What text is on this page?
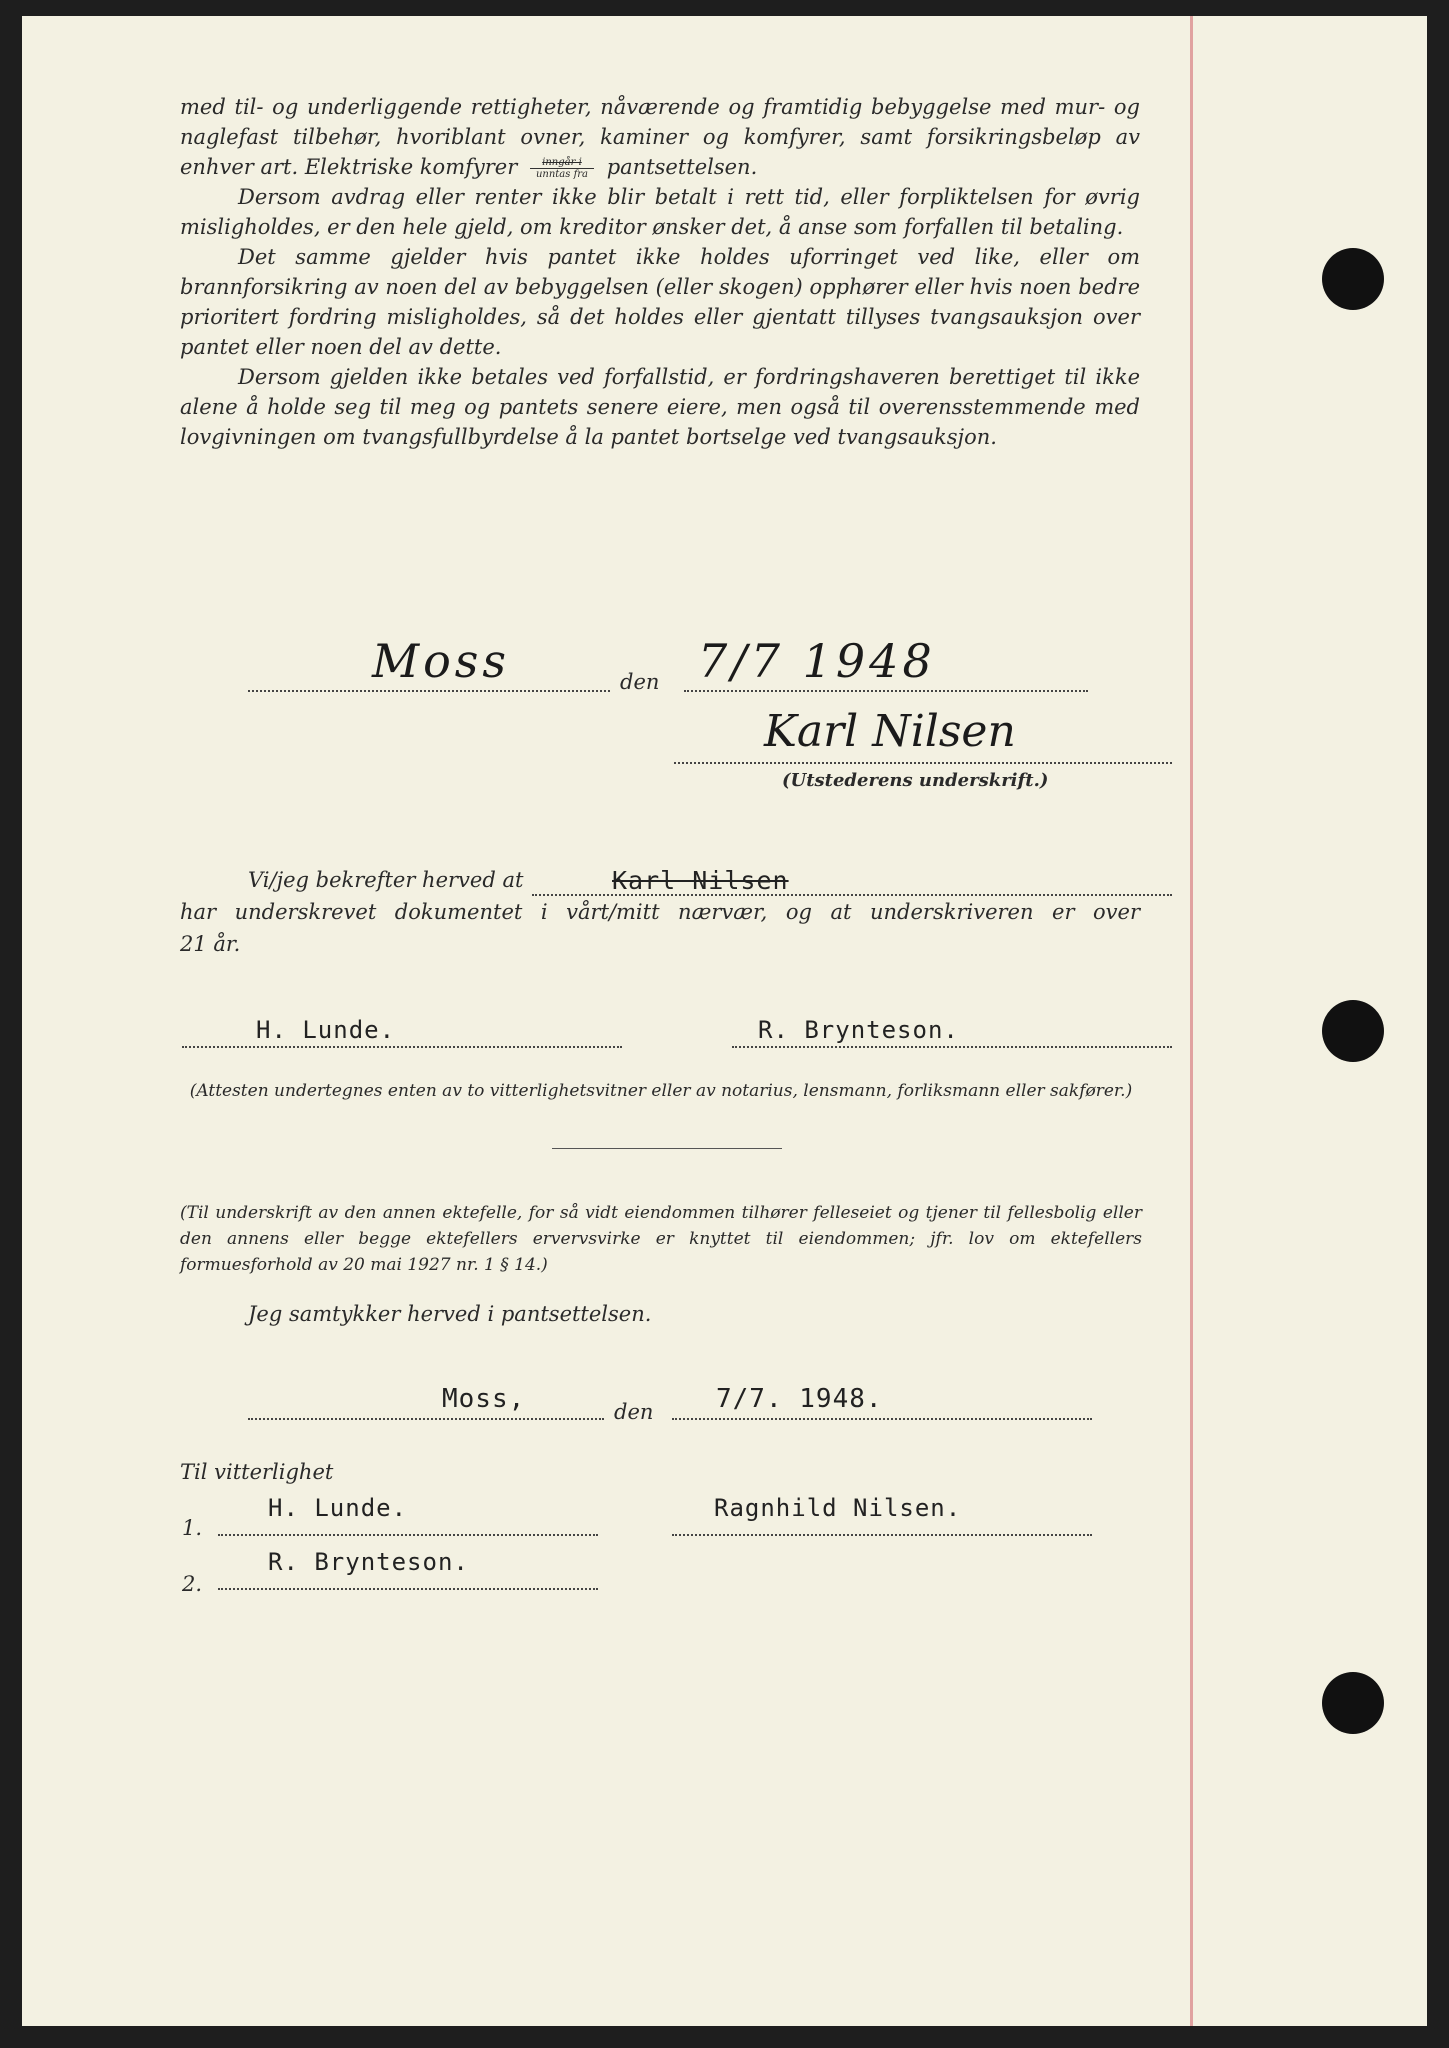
med til- og underliggende rettigheter, nåværende og framtidig bebyggelse med mur- og naglefast tilbehør, hvoriblant ovner, kaminer og komfyrer, samt forsikringsbeløp av enhver art. Elektriske komfyrer $\frac{\text{inngår i}}{\text{unntas fra}}$ pantsettelsen.

Dersom avdrag eller renter ikke blir betalt i rett tid, eller forpliktelsen for øvrig misligholdes, er den hele gjeld, om kreditor ønsker det, å anse som forfallen til betaling.

Det samme gjelder hvis pantet ikke holdes uforringet ved like, eller om brannforsikring av noen del av bebyggelsen (eller skogen) opphører eller hvis noen bedre prioritert fordring misligholdes, så det holdes eller gjentatt tillyses tvangsauksjon over pantet eller noen del av dette.

Dersom gjelden ikke betales ved forfallstid, er fordringshaveren berettiget til ikke alene å holde seg til meg og pantets senere eiere, men også til overensstemmende med lovgivningen om tvangsfullbyrdelse å la pantet bortselge ved tvangsauksjon.

Moss	den 7/7 1948
Karl Nilsen
(Utstederens underskrift.)
Vi/jeg bekrefter herved at	Karl Nilsen
har underskrevet dokumentet i vårt/mitt nærvær, og at underskriveren er over
21 år.
H. Lunde.	R. Brynteson.
(Attesten undertegnes enten av to vitterlighetsvitner eller av notarius, lensmann, forliksmann eller sakfører.)
(Til underskrift av den annen ektefelle, for så vidt eiendommen tilhører felleseiet og tjener til fellesbolig eller den annens eller begge ektefellers ervervsvirke er knyttet til eiendommen; jfr. lov om ektefellers formuesforhold av 20 mai 1927 nr. 1 § 14.)
Jeg samtykker herved i pantsettelsen.
Moss,	den 7/7. 1948.
Til vitterlighet
1.
H. Lunde.	Ragnhild Nilsen.
2.
R. Brynteson.
